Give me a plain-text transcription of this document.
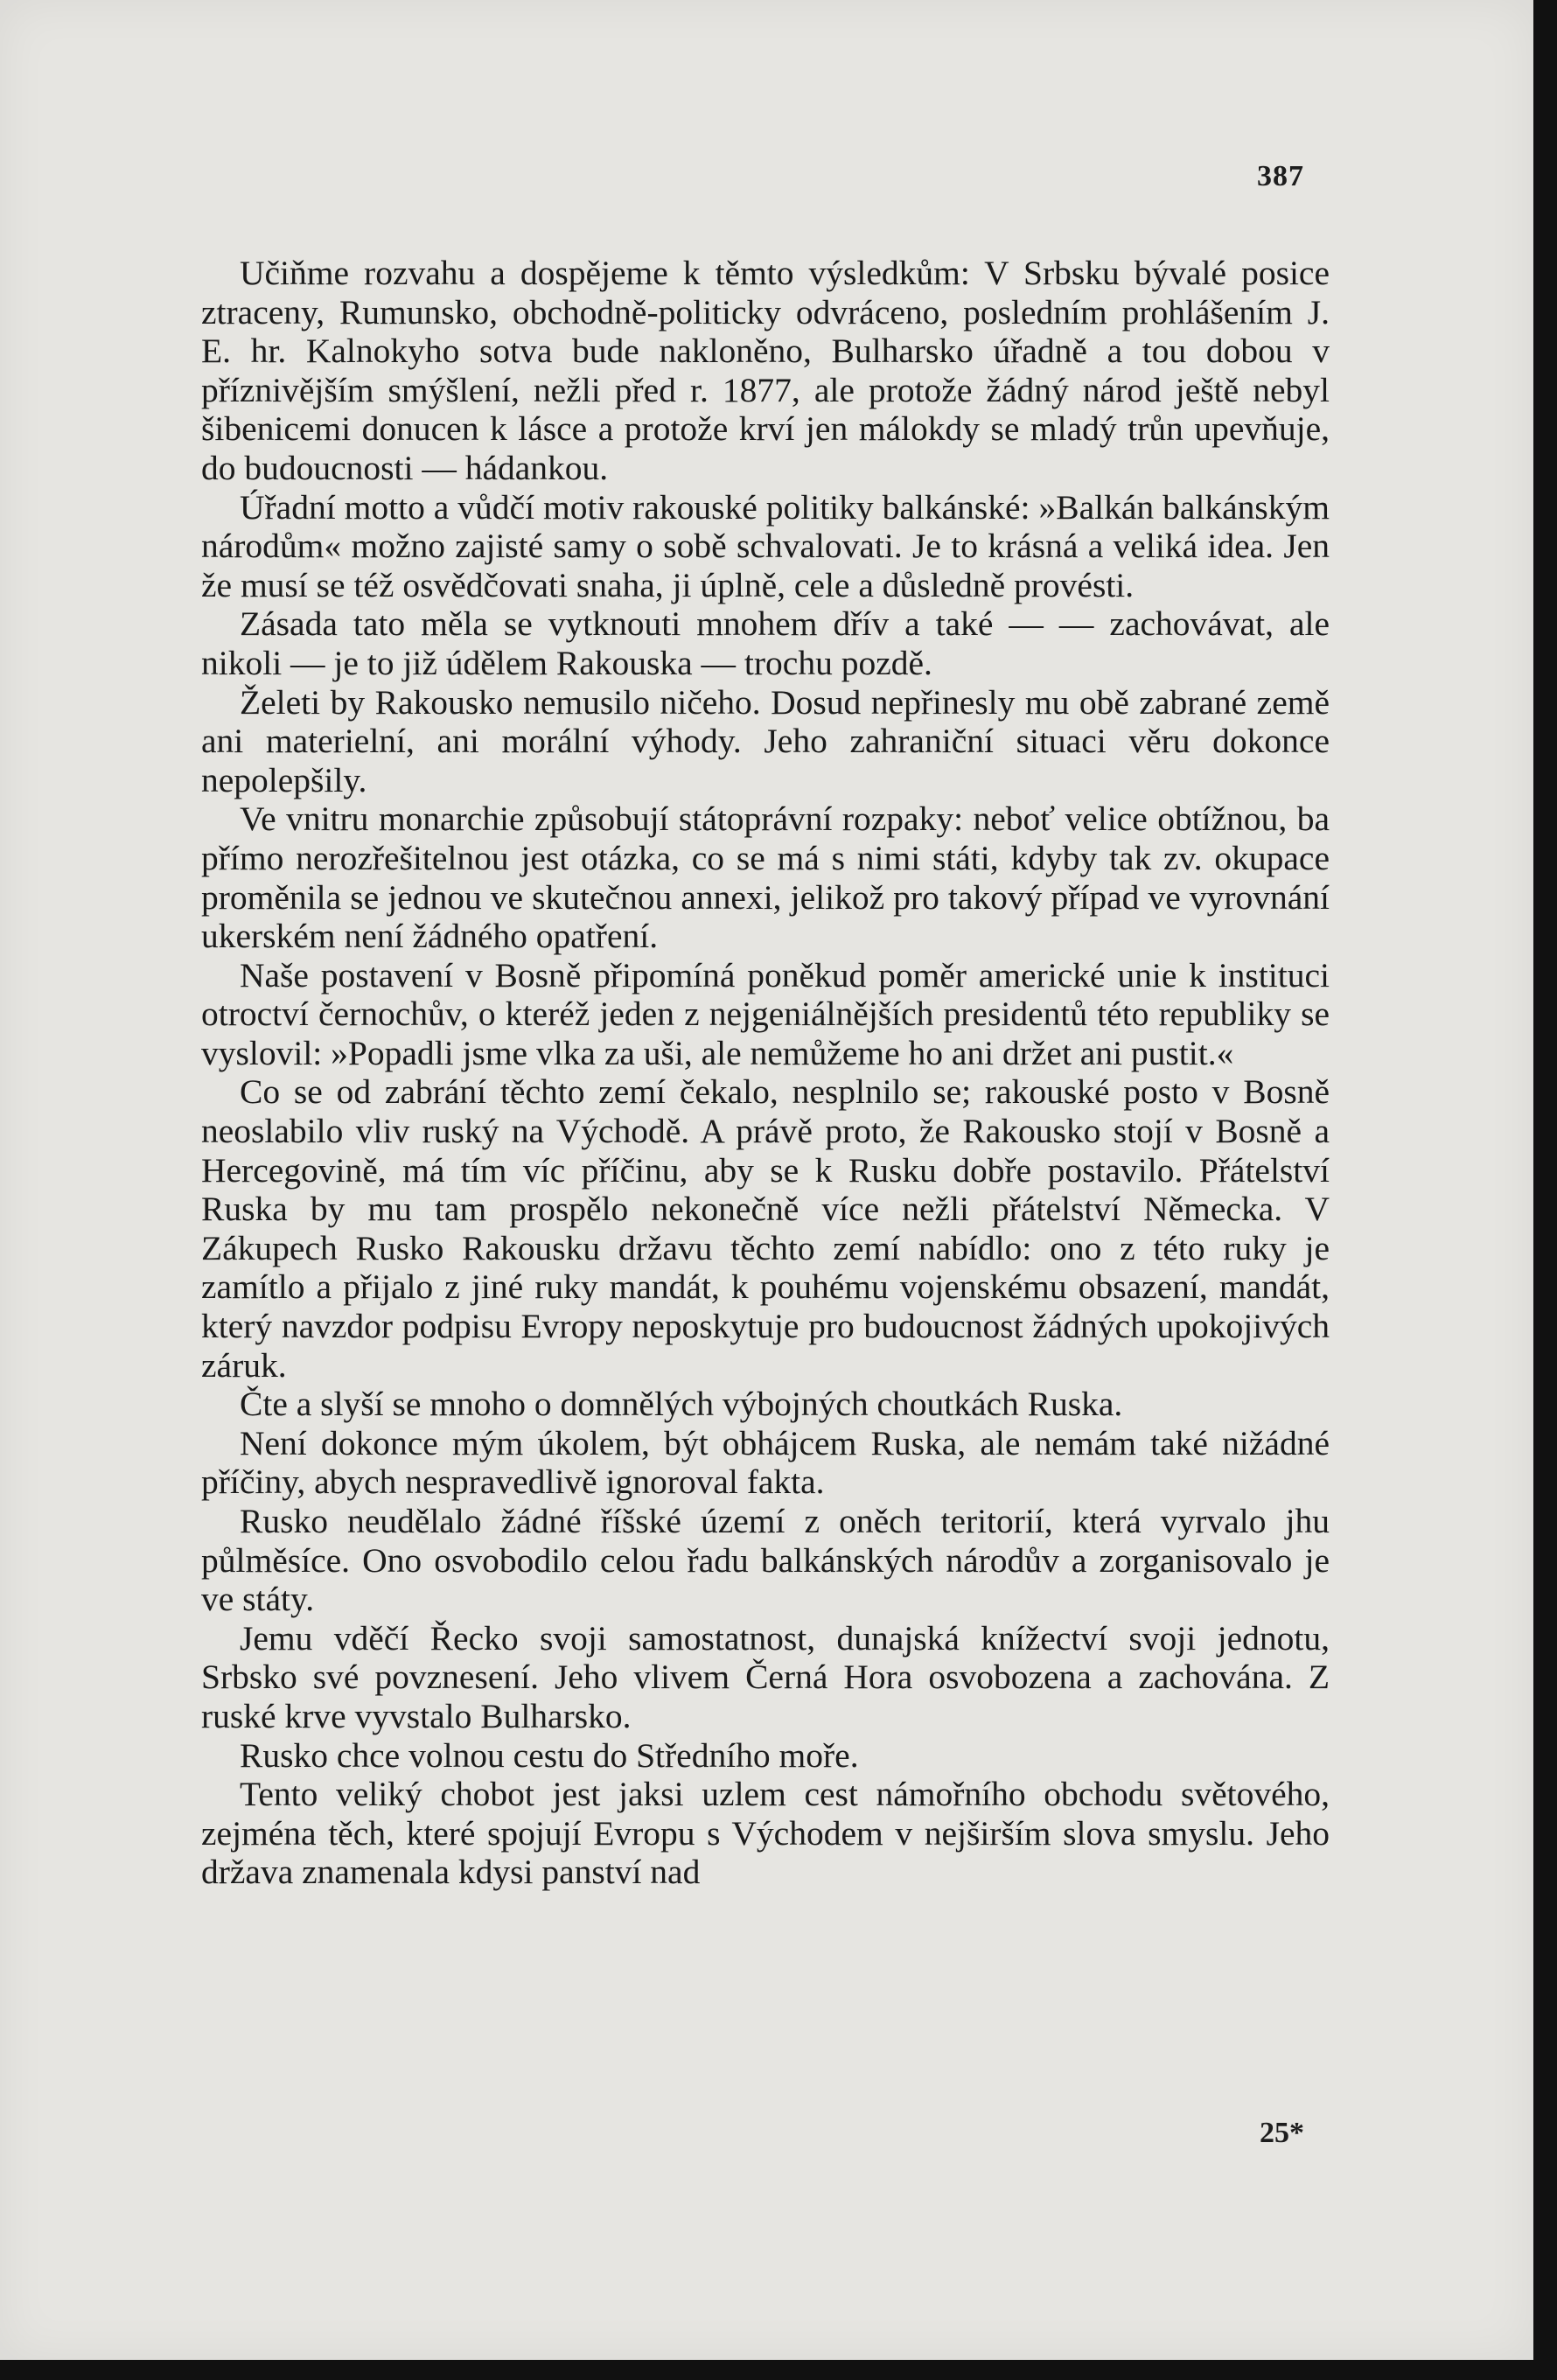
387

Učiňme rozvahu a dospějeme k těmto výsledkům: V Srbsku bývalé posice ztraceny, Rumunsko, obchodně-politicky odvráceno, posledním prohlášením J. E. hr. Kalnokyho sotva bude nakloněno, Bulharsko úřadně a tou dobou v příznivějším smýšlení, nežli před r. 1877, ale protože žádný národ ještě nebyl šibenicemi donucen k lásce a protože krví jen málokdy se mladý trůn upevňuje, do budoucnosti — hádankou.

Úřadní motto a vůdčí motiv rakouské politiky balkánské: »Balkán balkánským národům« možno zajisté samy o sobě schvalovati. Je to krásná a veliká idea. Jen že musí se též osvědčovati snaha, ji úplně, cele a důsledně provésti.

Zásada tato měla se vytknouti mnohem dřív a také — — zachovávat, ale nikoli — je to již údělem Rakouska — trochu pozdě.

Želeti by Rakousko nemusilo ničeho. Dosud nepřinesly mu obě zabrané země ani materielní, ani morální výhody. Jeho zahraniční situaci věru dokonce nepolepšily.

Ve vnitru monarchie způsobují státoprávní rozpaky: neboť velice obtížnou, ba přímo nerozřešitelnou jest otázka, co se má s nimi státi, kdyby tak zv. okupace proměnila se jednou ve skutečnou annexi, jelikož pro takový případ ve vyrovnání ukerském není žádného opatření.

Naše postavení v Bosně připomíná poněkud poměr americké unie k instituci otroctví černochův, o kteréž jeden z nejgeniálnějších presidentů této republiky se vyslovil: »Popadli jsme vlka za uši, ale nemůžeme ho ani držet ani pustit.«

Co se od zabrání těchto zemí čekalo, nesplnilo se; rakouské posto v Bosně neoslabilo vliv ruský na Východě. A právě proto, že Rakousko stojí v Bosně a Hercegovině, má tím víc příčinu, aby se k Rusku dobře postavilo. Přátelství Ruska by mu tam prospělo nekonečně více nežli přátelství Německa. V Zákupech Rusko Rakousku državu těchto zemí nabídlo: ono z této ruky je zamítlo a přijalo z jiné ruky mandát, k pouhému vojenskému obsazení, mandát, který navzdor podpisu Evropy neposkytuje pro budoucnost žádných upokojivých záruk.

Čte a slyší se mnoho o domnělých výbojných choutkách Ruska.

Není dokonce mým úkolem, být obhájcem Ruska, ale nemám také nižádné příčiny, abych nespravedlivě ignoroval fakta.

Rusko neudělalo žádné říšské území z oněch teritorií, která vyrvalo jhu půlměsíce. Ono osvobodilo celou řadu balkánských národův a zorganisovalo je ve státy.

Jemu vděčí Řecko svoji samostatnost, dunajská knížectví svoji jednotu, Srbsko své povznesení. Jeho vlivem Černá Hora osvobozena a zachována. Z ruské krve vyvstalo Bulharsko.

Rusko chce volnou cestu do Středního moře.

Tento veliký chobot jest jaksi uzlem cest námořního obchodu světového, zejména těch, které spojují Evropu s Východem v nejširším slova smyslu. Jeho država znamenala kdysi panství nad

25*
